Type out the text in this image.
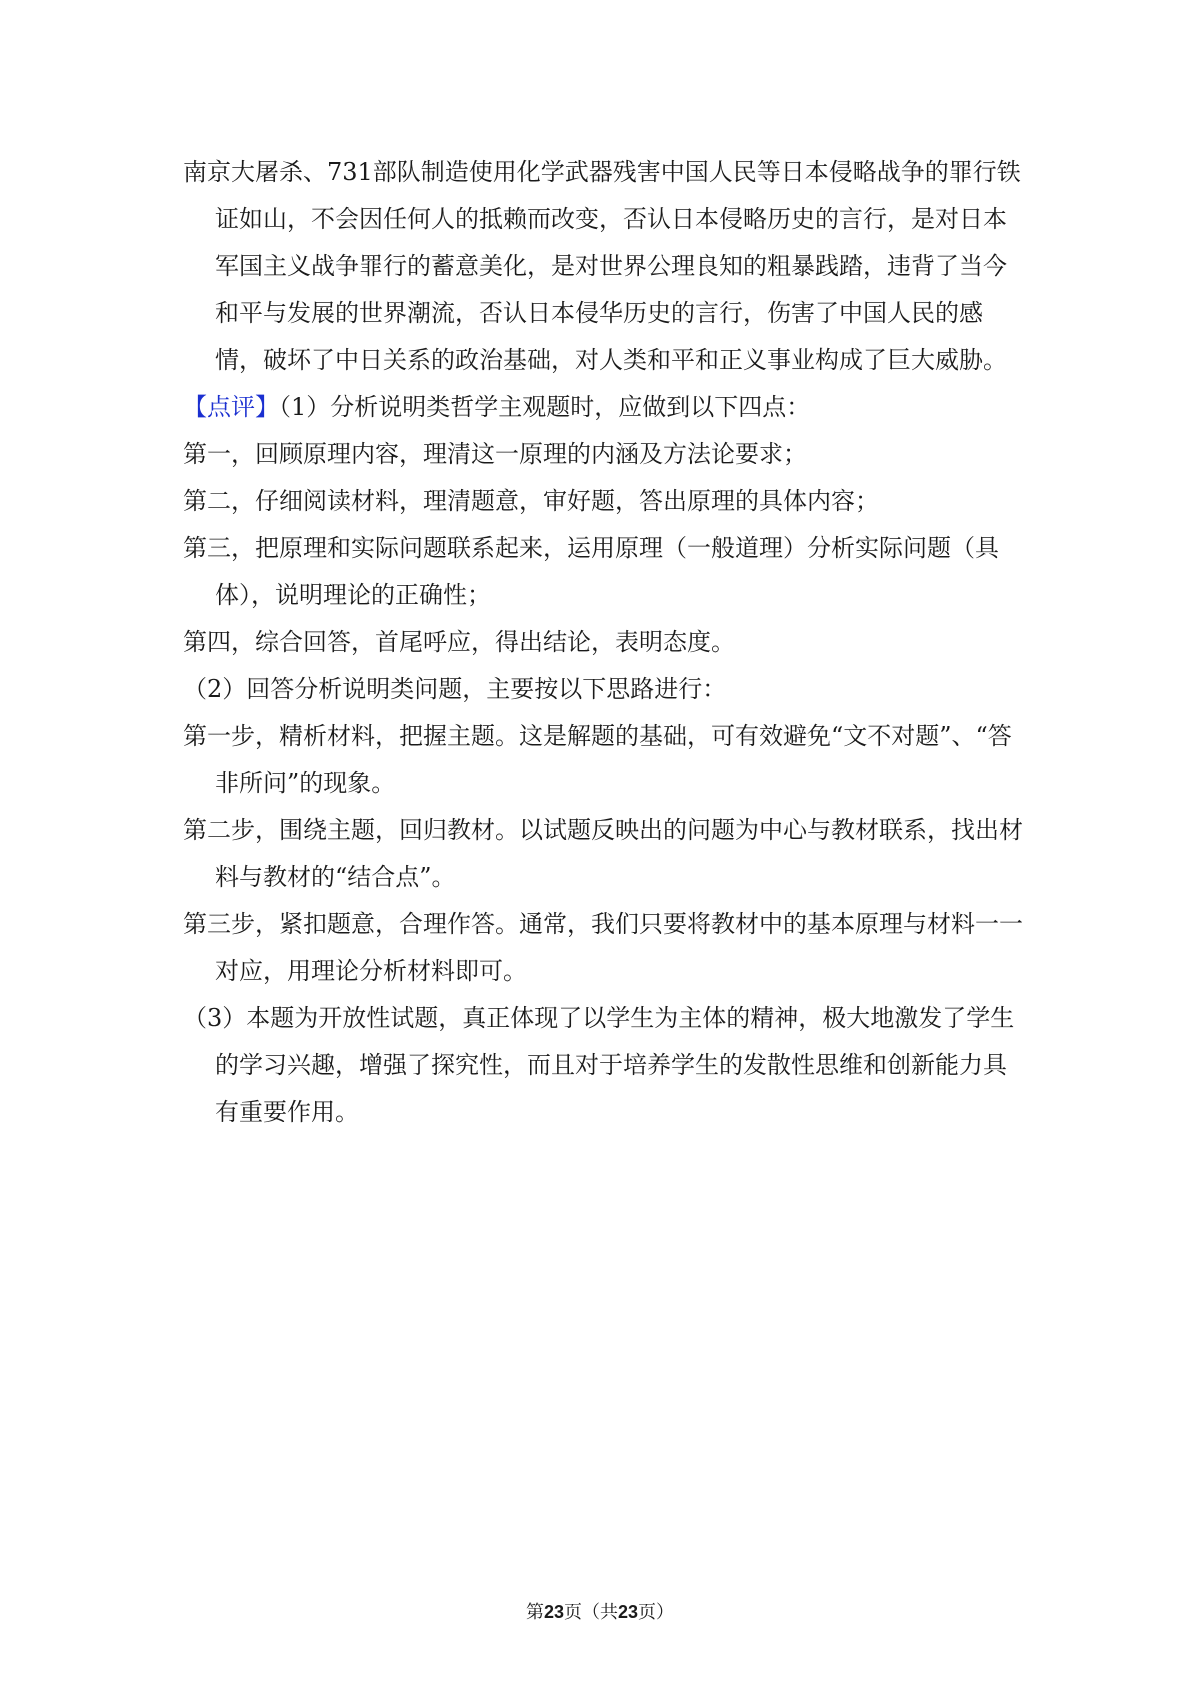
南京大屠杀、731部队制造使用化学武器残害中国人民等日本侵略战争的罪行铁证如山，不会因任何人的抵赖而改变，否认日本侵略历史的言行，是对日本军国主义战争罪行的蓄意美化，是对世界公理良知的粗暴践踏，违背了当今和平与发展的世界潮流，否认日本侵华历史的言行，伤害了中国人民的感情，破坏了中日关系的政治基础，对人类和平和正义事业构成了巨大威胁。

【点评】（1）分析说明类哲学主观题时，应做到以下四点：

第一，回顾原理内容，理清这一原理的内涵及方法论要求；

第二，仔细阅读材料，理清题意，审好题，答出原理的具体内容；

第三，把原理和实际问题联系起来，运用原理（一般道理）分析实际问题（具体），说明理论的正确性；

第四，综合回答，首尾呼应，得出结论，表明态度。

（2）回答分析说明类问题，主要按以下思路进行：

第一步，精析材料，把握主题。这是解题的基础，可有效避免“文不对题”、“答非所问”的现象。

第二步，围绕主题，回归教材。以试题反映出的问题为中心与教材联系，找出材料与教材的“结合点”。

第三步，紧扣题意，合理作答。通常，我们只要将教材中的基本原理与材料一一对应，用理论分析材料即可。

（3）本题为开放性试题，真正体现了以学生为主体的精神，极大地激发了学生的学习兴趣，增强了探究性，而且对于培养学生的发散性思维和创新能力具有重要作用。

第23页（共23页）
